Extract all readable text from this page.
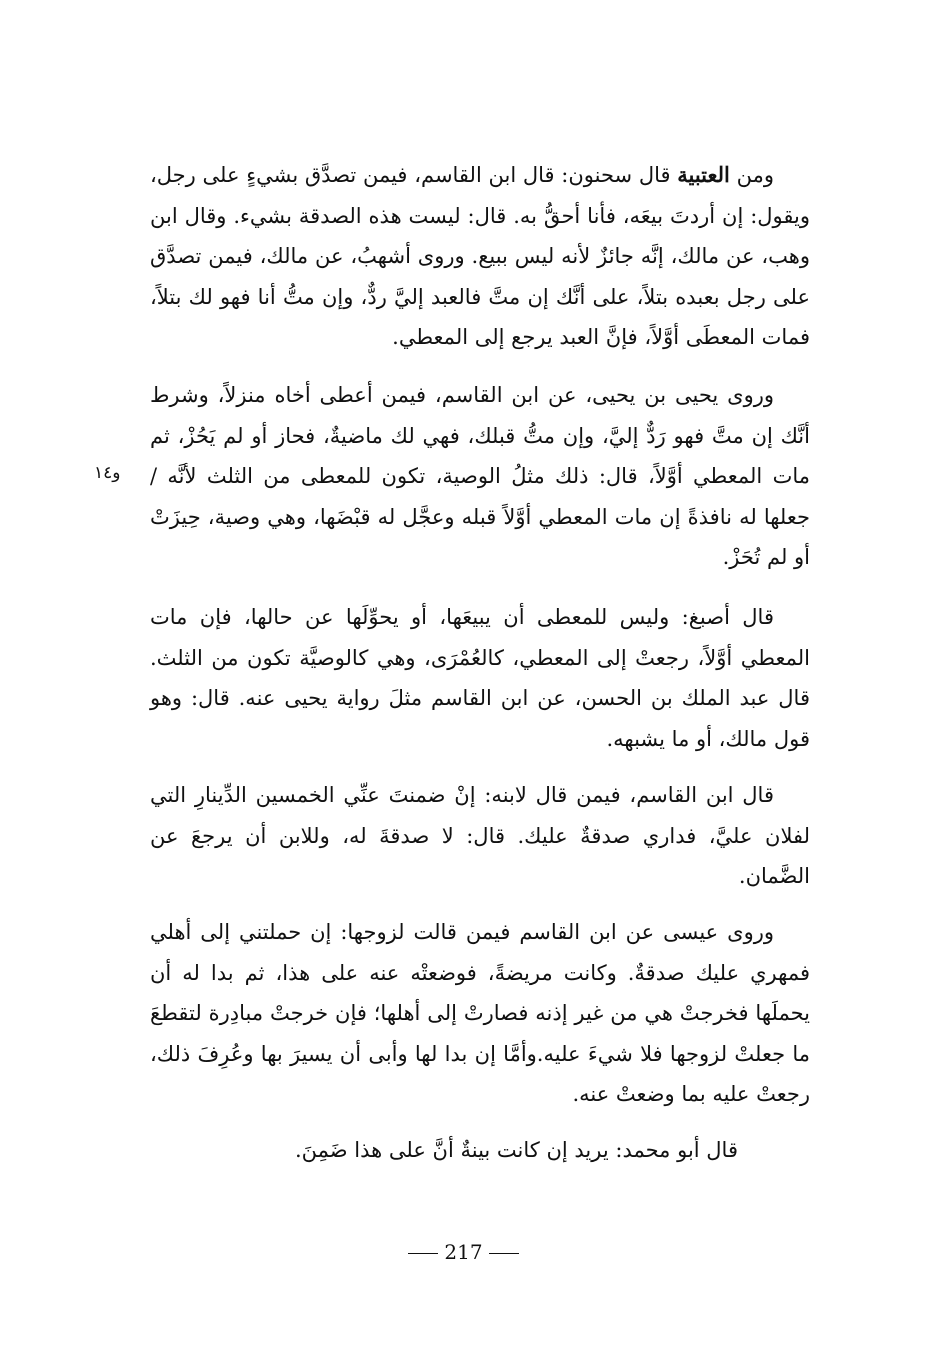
ومن العتبية قال سحنون: قال ابن القاسم، فيمن تصدَّق بشيءٍ على رجل، ويقول: إن أردتَ بيعَه، فأنا أحقُّ به. قال: ليست هذه الصدقة بشيء. وقال ابن وهب، عن مالك، إنَّه جائزٌ لأنه ليس ببيع. وروى أشهبُ، عن مالك، فيمن تصدَّق على رجل بعبده بتلاً، على أنَّك إن متَّ فالعبد إليَّ ردٌّ، وإن متُّ أنا فهو لك بتلاً، فمات المعطَى أوَّلاً، فإنَّ العبد يرجع إلى المعطي.

وروى يحيى بن يحيى، عن ابن القاسم، فيمن أعطى أخاه منزلاً، وشرط أنَّك إن متَّ فهو رَدٌّ إليَّ، وإن متُّ قبلك، فهي لك ماضيةٌ، فحاز أو لم يَحُزْ، ثم مات المعطي أوَّلاً، قال: ذلك مثلُ الوصية، تكون للمعطى من الثلث لأنَّه / جعلها له نافذةً إن مات المعطي أوَّلاً قبله وعجَّل له قبْضَها، وهي وصية، حِيزَتْ أو لم تُحَزْ.

و١٤

قال أصبغ: وليس للمعطى أن يبيعَها، أو يحوِّلَها عن حالها، فإن مات المعطي أوَّلاً، رجعتْ إلى المعطي، كالعُمْرَى، وهي كالوصيَّة تكون من الثلث. قال عبد الملك بن الحسن، عن ابن القاسم مثلَ رواية يحيى عنه. قال: وهو قول مالك، أو ما يشبهه.

قال ابن القاسم، فيمن قال لابنه: إنْ ضمنتَ عنِّي الخمسين الدِّينارِ التي لفلان عليَّ، فداري صدقةٌ عليك. قال: لا صدقةَ له، وللابن أن يرجعَ عن الضَّمان.

وروى عيسى عن ابن القاسم فيمن قالت لزوجها: إن حملتني إلى أهلي فمهري عليك صدقةٌ. وكانت مريضةً، فوضعتْه عنه على هذا، ثم بدا له أن يحملَها فخرجتْ هي من غير إذنه فصارتْ إلى أهلها؛ فإن خرجتْ مبادِرة لتقطعَ ما جعلتْ لزوجها فلا شيءَ عليه.وأمَّا إن بدا لها وأبى أن يسيرَ بها وعُرِفَ ذلك، رجعتْ عليه بما وضعتْ عنه.

قال أبو محمد: يريد إن كانت بينةٌ أنَّ على هذا ضَمِنَ.

217
